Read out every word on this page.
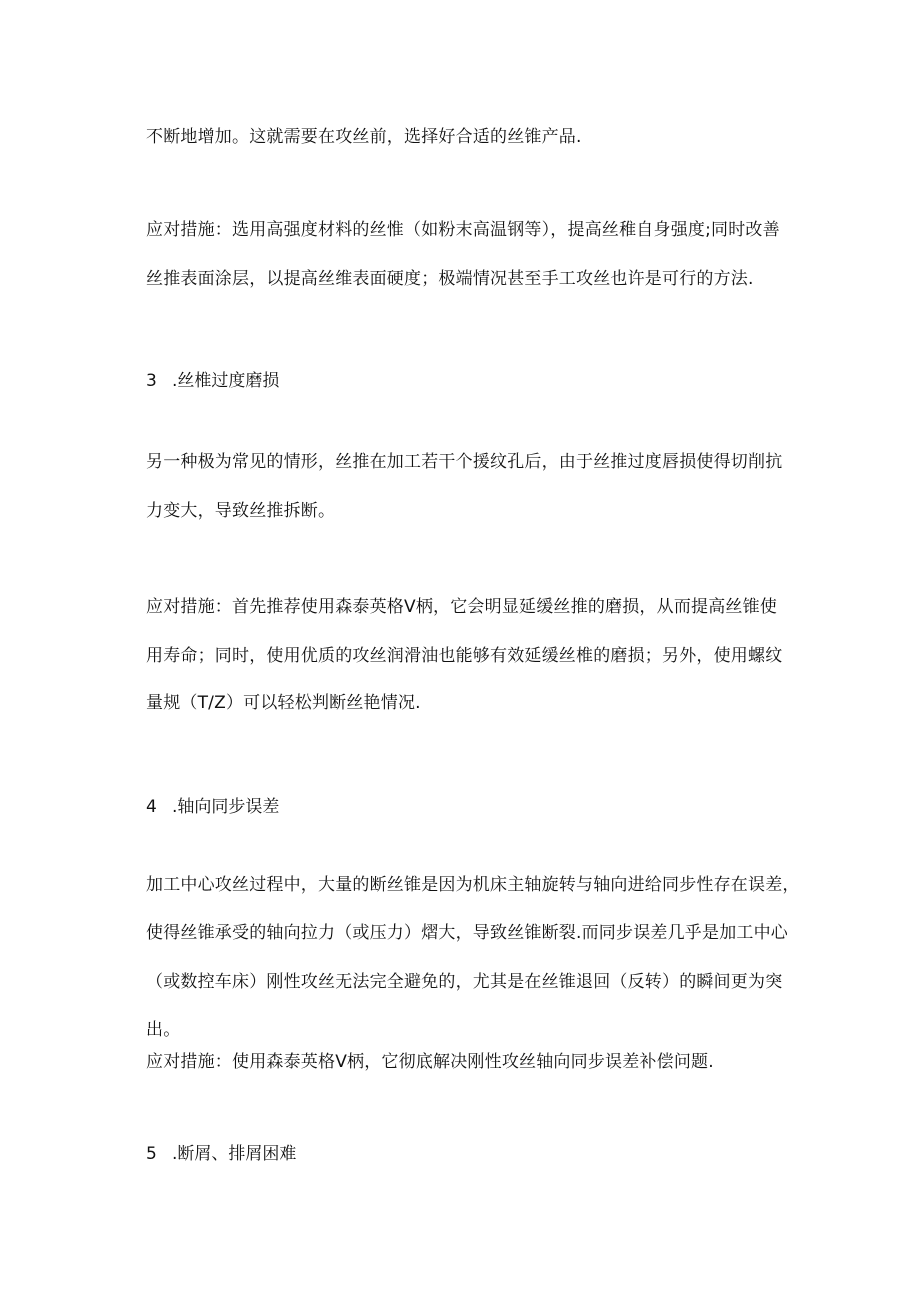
不断地增加。这就需要在攻丝前，选择好合适的丝锥产品.
应对措施：选用高强度材料的丝惟（如粉末高温钢等），提高丝稚自身强度;同时改善
丝推表面涂层，以提高丝维表面硬度；极端情况甚至手工攻丝也许是可行的方法.
3 .丝椎过度磨损
另一种极为常见的情形，丝推在加工若干个援纹孔后，由于丝推过度唇损使得切削抗
力变大，导致丝推拆断。
应对措施：首先推荐使用森泰英格V柄，它会明显延缓丝推的磨损，从而提高丝锥使
用寿命；同时，使用优质的攻丝润滑油也能够有效延缓丝椎的磨损；另外，使用螺纹
量规（T/Z）可以轻松判断丝艳情况.
4 .轴向同步误差
加工中心攻丝过程中，大量的断丝锥是因为机床主轴旋转与轴向进给同步性存在误差，
使得丝锥承受的轴向拉力（或压力）熠大，导致丝锥断裂.而同步误差几乎是加工中心
（或数控车床）刚性攻丝无法完全避免的，尤其是在丝锥退回（反转）的瞬间更为突
出。
应对措施：使用森泰英格V柄，它彻底解决刚性攻丝轴向同步误差补偿问题.
5 .断屑、排屑困难
